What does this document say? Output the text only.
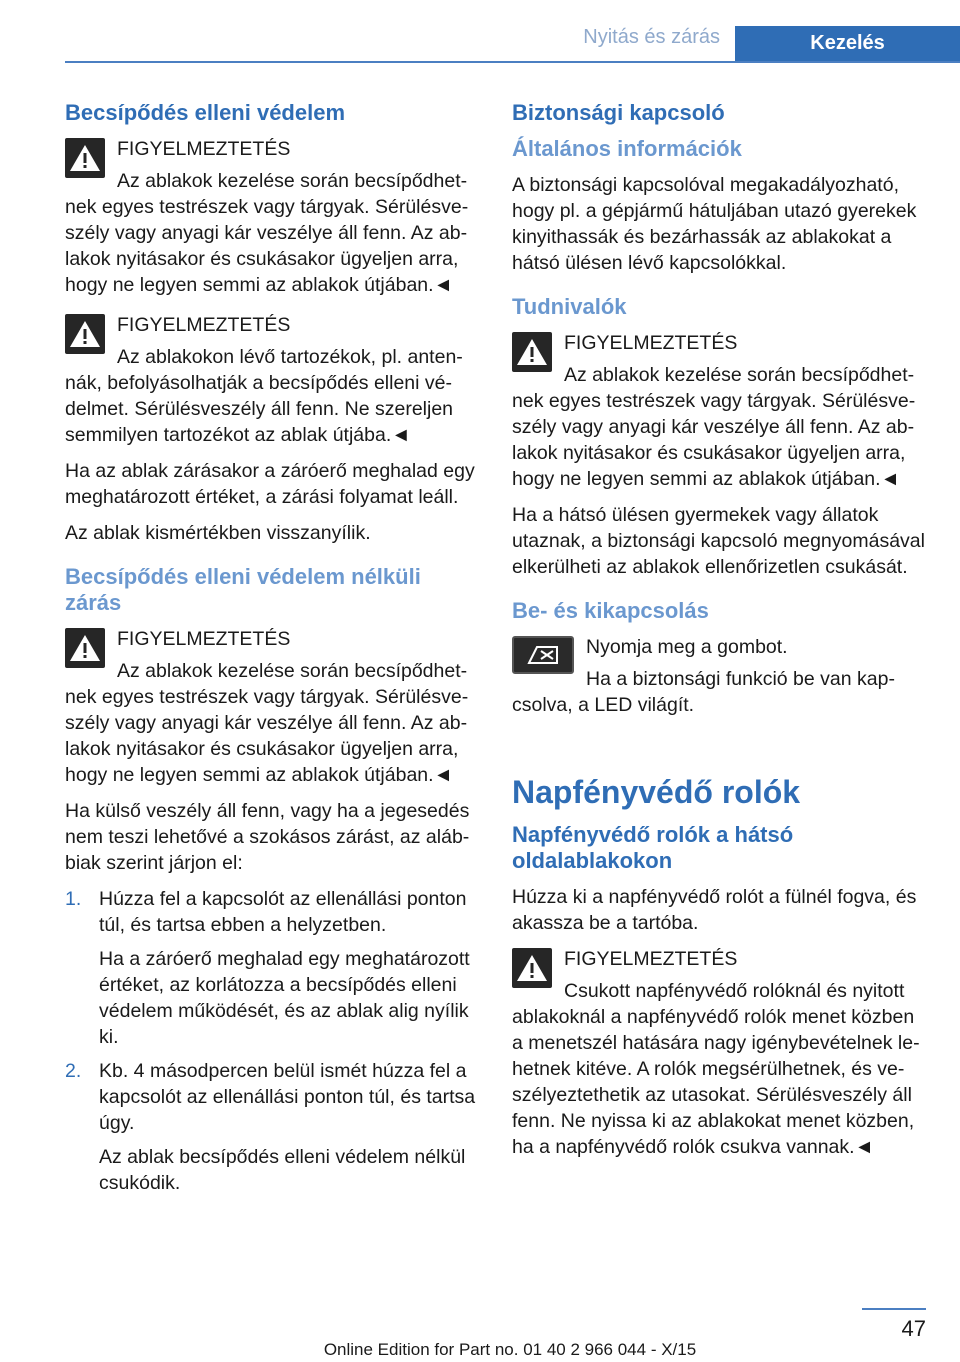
Nyitás és zárás	Kezelés
Becsípődés elleni védelem
FIGYELMEZTETÉS
Az ablakok kezelése során becsípődhetnek egyes testrészek vagy tárgyak. Sérülésveszély vagy anyagi kár veszélye áll fenn. Az ablakok nyitásakor és csukásakor ügyeljen arra, hogy ne legyen semmi az ablakok útjában.◄
FIGYELMEZTETÉS
Az ablakokon lévő tartozékok, pl. antennák, befolyásolhatják a becsípődés elleni védelmet. Sérülésveszély áll fenn. Ne szereljen semmilyen tartozékot az ablak útjába.◄

Ha az ablak zárásakor a záróerő meghalad egy meghatározott értéket, a zárási folyamat leáll.

Az ablak kismértékben visszanyílik.

Becsípődés elleni védelem nélküli zárás
FIGYELMEZTETÉS
Az ablakok kezelése során becsípődhetnek egyes testrészek vagy tárgyak. Sérülésveszély vagy anyagi kár veszélye áll fenn. Az ablakok nyitásakor és csukásakor ügyeljen arra, hogy ne legyen semmi az ablakok útjában.◄

Ha külső veszély áll fenn, vagy ha a jegesedés nem teszi lehetővé a szokásos zárást, az alábbiak szerint járjon el:

1. Húzza fel a kapcsolót az ellenállási ponton túl, és tartsa ebben a helyzetben.

Ha a záróerő meghalad egy meghatározott értéket, az korlátozza a becsípődés elleni védelem működését, és az ablak alig nyílik ki.

2. Kb. 4 másodpercen belül ismét húzza fel a kapcsolót az ellenállási ponton túl, és tartsa úgy.

Az ablak becsípődés elleni védelem nélkül csukódik.

Biztonsági kapcsoló
Általános információk

A biztonsági kapcsolóval megakadályozható, hogy pl. a gépjármű hátuljában utazó gyerekek kinyithassák és bezárhassák az ablakokat a hátsó ülésen lévő kapcsolókkal.

Tudnivalók
FIGYELMEZTETÉS
Az ablakok kezelése során becsípődhetnek egyes testrészek vagy tárgyak. Sérülésveszély vagy anyagi kár veszélye áll fenn. Az ablakok nyitásakor és csukásakor ügyeljen arra, hogy ne legyen semmi az ablakok útjában.◄

Ha a hátsó ülésen gyermekek vagy állatok utaznak, a biztonsági kapcsoló megnyomásával elkerülheti az ablakok ellenőrizetlen csukását.

Be- és kikapcsolás

Nyomja meg a gombot.

Ha a biztonsági funkció be van kapcsolva, a LED világít.

Napfényvédő rolók
Napfényvédő rolók a hátsó oldalablakokon

Húzza ki a napfényvédő rolót a fülnél fogva, és akassza be a tartóba.

FIGYELMEZTETÉS
Csukott napfényvédő rolóknál és nyitott ablakoknál a napfényvédő rolók menet közben a menetszél hatására nagy igénybevételnek lehetnek kitéve. A rolók megsérülhetnek, és veszélyeztethetik az utasokat. Sérülésveszély áll fenn. Ne nyissa ki az ablakokat menet közben, ha a napfényvédő rolók csukva vannak.◄
47
Online Edition for Part no. 01 40 2 966 044 - X/15
